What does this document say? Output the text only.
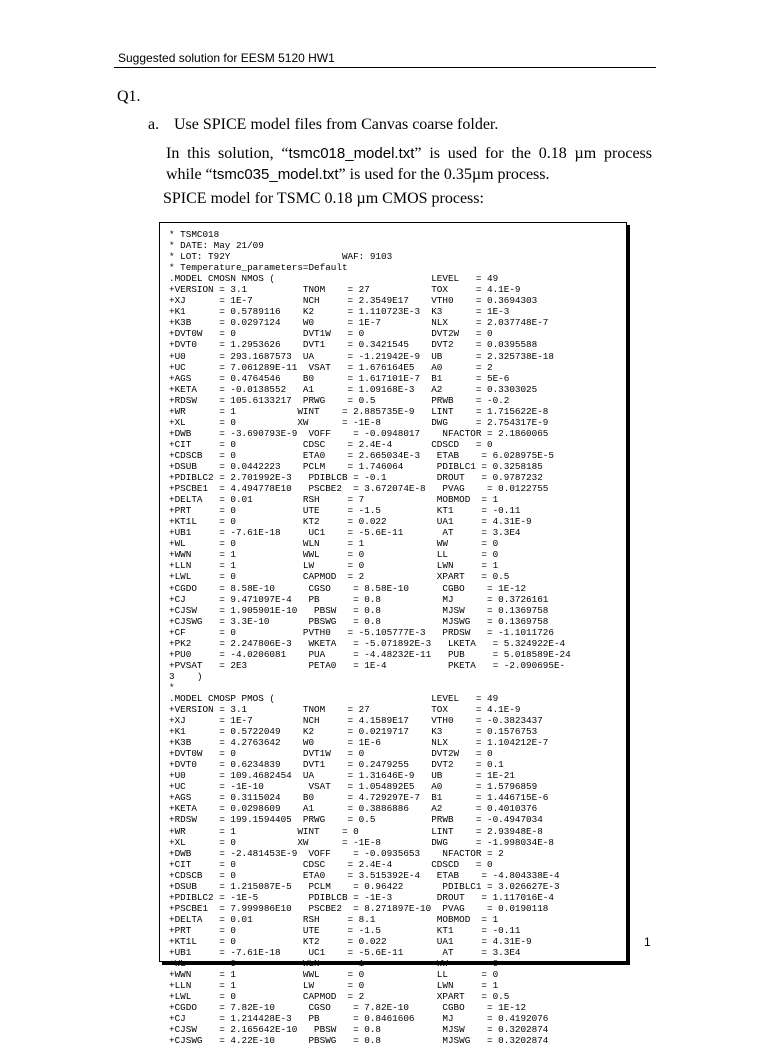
Suggested solution for EESM 5120 HW1
Q1.
a. Use SPICE model files from Canvas coarse folder.
In this solution, “tsmc018_model.txt” is used for the 0.18 µm process while “tsmc035_model.txt” is used for the 0.35µm process.
SPICE model for TSMC 0.18 µm CMOS process:
* TSMC018
* DATE: May 21/09
* LOT: T92Y                    WAF: 9103
* Temperature_parameters=Default
.MODEL CMOSN NMOS (                            LEVEL   = 49
+VERSION = 3.1          TNOM    = 27           TOX     = 4.1E-9
+XJ      = 1E-7         NCH     = 2.3549E17    VTH0    = 0.3694303
+K1      = 0.5789116    K2      = 1.110723E-3  K3      = 1E-3
+K3B     = 0.0297124    W0      = 1E-7         NLX     = 2.037748E-7
+DVT0W   = 0            DVT1W   = 0            DVT2W   = 0
+DVT0    = 1.2953626    DVT1    = 0.3421545    DVT2    = 0.0395588
+U0      = 293.1687573  UA      = -1.21942E-9  UB      = 2.325738E-18
+UC      = 7.061289E-11  VSAT   = 1.676164E5   A0      = 2
+AGS     = 0.4764546    B0      = 1.617101E-7  B1      = 5E-6
+KETA    = -0.0138552   A1      = 1.09168E-3   A2      = 0.3303025
+RDSW    = 105.6133217  PRWG    = 0.5          PRWB    = -0.2
+WR      = 1           WINT    = 2.885735E-9   LINT    = 1.715622E-8
+XL      = 0           XW      = -1E-8         DWG     = 2.754317E-9
+DWB     = -3.690793E-9  VOFF    = -0.0948017    NFACTOR = 2.1860065
+CIT     = 0            CDSC    = 2.4E-4       CDSCD   = 0
+CDSCB   = 0            ETA0    = 2.665034E-3   ETAB    = 6.028975E-5
+DSUB    = 0.0442223    PCLM    = 1.746064      PDIBLC1 = 0.3258185
+PDIBLC2 = 2.701992E-3   PDIBLCB = -0.1         DROUT   = 0.9787232
+PSCBE1  = 4.494778E10   PSCBE2  = 3.672074E-8   PVAG    = 0.0122755
+DELTA   = 0.01         RSH     = 7             MOBMOD  = 1
+PRT     = 0            UTE     = -1.5          KT1     = -0.11
+KT1L    = 0            KT2     = 0.022         UA1     = 4.31E-9
+UB1     = -7.61E-18     UC1    = -5.6E-11       AT     = 3.3E4
+WL      = 0            WLN     = 1             WW      = 0
+WWN     = 1            WWL     = 0             LL      = 0
+LLN     = 1            LW      = 0             LWN     = 1
+LWL     = 0            CAPMOD  = 2             XPART   = 0.5
+CGDO    = 8.58E-10      CGSO    = 8.58E-10      CGBO    = 1E-12
+CJ      = 9.471097E-4   PB      = 0.8           MJ      = 0.3726161
+CJSW    = 1.905901E-10   PBSW   = 0.8           MJSW    = 0.1369758
+CJSWG   = 3.3E-10       PBSWG   = 0.8           MJSWG   = 0.1369758
+CF      = 0            PVTH0   = -5.105777E-3   PRDSW   = -1.1011726
+PK2     = 2.247806E-3   WKETA   = -5.071892E-3   LKETA   = 5.324922E-4
+PU0     = -4.0206081    PUA     = -4.48232E-11   PUB     = 5.018589E-24
+PVSAT   = 2E3           PETA0   = 1E-4           PKETA   = -2.090695E-
3    )
*
.MODEL CMOSP PMOS (                            LEVEL   = 49
+VERSION = 3.1          TNOM    = 27           TOX     = 4.1E-9
+XJ      = 1E-7         NCH     = 4.1589E17    VTH0    = -0.3823437
+K1      = 0.5722049    K2      = 0.0219717    K3      = 0.1576753
+K3B     = 4.2763642    W0      = 1E-6         NLX     = 1.104212E-7
+DVT0W   = 0            DVT1W   = 0            DVT2W   = 0
+DVT0    = 0.6234839    DVT1    = 0.2479255    DVT2    = 0.1
+U0      = 109.4682454  UA      = 1.31646E-9   UB      = 1E-21
+UC      = -1E-10        VSAT   = 1.054892E5   A0      = 1.5796859
+AGS     = 0.3115024    B0      = 4.729297E-7  B1      = 1.446715E-6
+KETA    = 0.0298609    A1      = 0.3886886    A2      = 0.4010376
+RDSW    = 199.1594405  PRWG    = 0.5          PRWB    = -0.4947034
+WR      = 1           WINT    = 0             LINT    = 2.93948E-8
+XL      = 0           XW      = -1E-8         DWG     = -1.998034E-8
+DWB     = -2.481453E-9  VOFF    = -0.0935653    NFACTOR = 2
+CIT     = 0            CDSC    = 2.4E-4       CDSCD   = 0
+CDSCB   = 0            ETA0    = 3.515392E-4   ETAB    = -4.804338E-4
+DSUB    = 1.215087E-5   PCLM    = 0.96422       PDIBLC1 = 3.026627E-3
+PDIBLC2 = -1E-5         PDIBLCB = -1E-3        DROUT   = 1.117016E-4
+PSCBE1  = 7.999986E10   PSCBE2  = 8.271897E-10  PVAG    = 0.0190118
+DELTA   = 0.01         RSH     = 8.1           MOBMOD  = 1
+PRT     = 0            UTE     = -1.5          KT1     = -0.11
+KT1L    = 0            KT2     = 0.022         UA1     = 4.31E-9
+UB1     = -7.61E-18     UC1    = -5.6E-11       AT     = 3.3E4
+WL      = 0            WLN     = 1             WW      = 0
+WWN     = 1            WWL     = 0             LL      = 0
+LLN     = 1            LW      = 0             LWN     = 1
+LWL     = 0            CAPMOD  = 2             XPART   = 0.5
+CGDO    = 7.82E-10      CGSO    = 7.82E-10      CGBO    = 1E-12
+CJ      = 1.214428E-3   PB      = 0.8461606     MJ      = 0.4192076
+CJSW    = 2.165642E-10   PBSW   = 0.8           MJSW    = 0.3202874
+CJSWG   = 4.22E-10      PBSWG   = 0.8           MJSWG   = 0.3202874

1
